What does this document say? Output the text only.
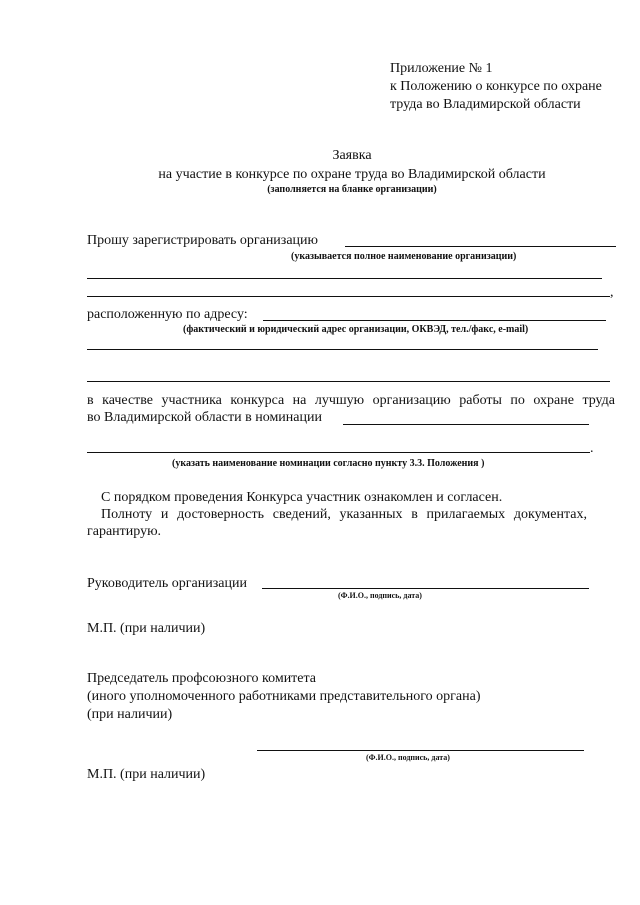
Приложение № 1
к Положению о конкурсе по охране
труда во Владимирской области
Заявка
на участие в конкурсе по охране труда во Владимирской области
(заполняется на бланке организации)
Прошу зарегистрировать организацию
(указывается полное наименование организации)
,
расположенную по адресу:
(фактический и юридический адрес организации, ОКВЭД, тел./факс, e-mail)
в качестве участника конкурса на лучшую организацию работы по охране труда
во Владимирской области в номинации
.
(указать наименование номинации согласно пункту 3.3. Положения )
С порядком проведения Конкурса участник ознакомлен и согласен.
Полноту и достоверность сведений, указанных в прилагаемых документах,
гарантирую.
Руководитель организации
(Ф.И.О., подпись, дата)
М.П. (при наличии)
Председатель профсоюзного комитета
(иного уполномоченного работниками представительного органа)
(при наличии)
(Ф.И.О., подпись, дата)
М.П. (при наличии)
